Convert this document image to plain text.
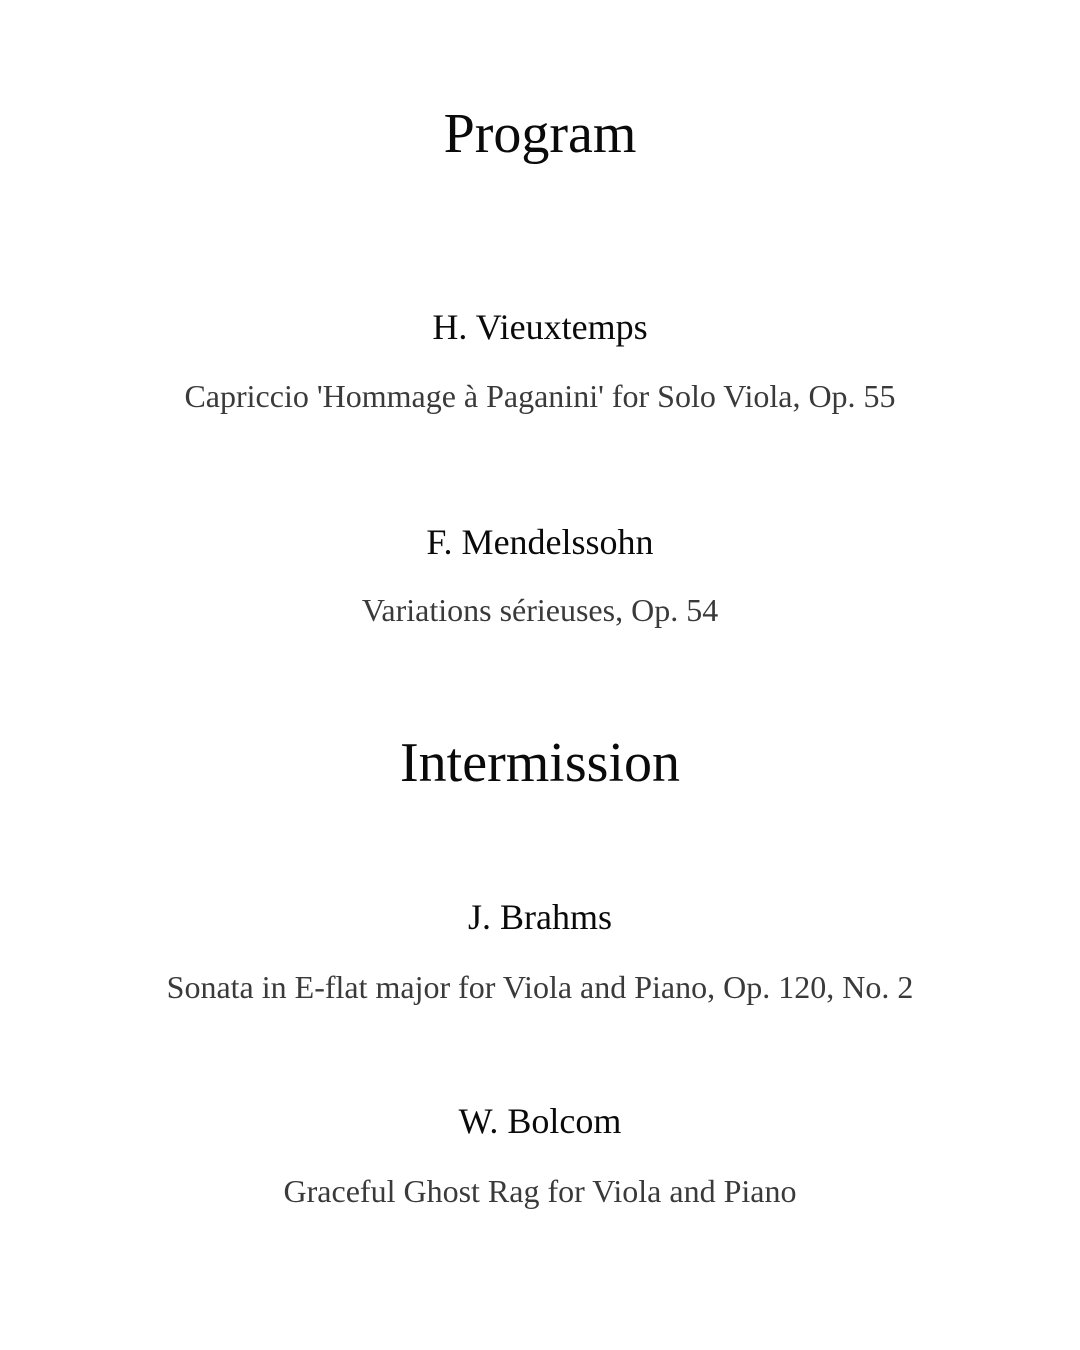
Program
H. Vieuxtemps
Capriccio 'Hommage à Paganini' for Solo Viola, Op. 55
F. Mendelssohn
Variations sérieuses, Op. 54
Intermission
J. Brahms
Sonata in E-flat major for Viola and Piano, Op. 120, No. 2
W. Bolcom
Graceful Ghost Rag for Viola and Piano
